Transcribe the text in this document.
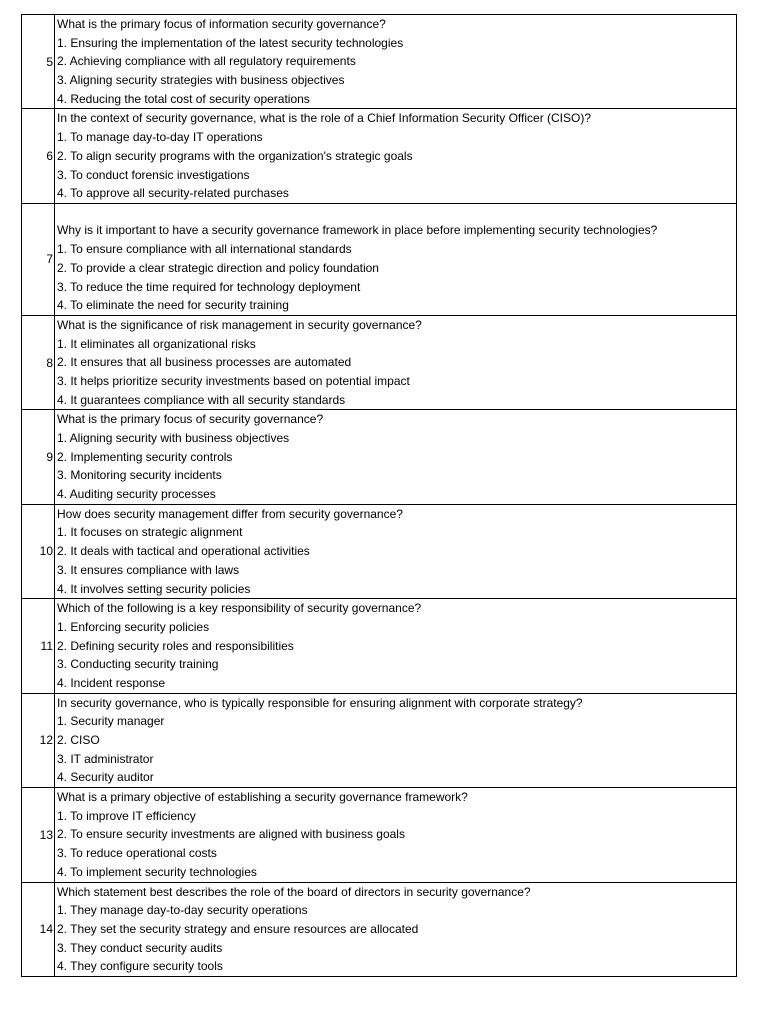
5	What is the primary focus of information security governance?
1. Ensuring the implementation of the latest security technologies
2. Achieving compliance with all regulatory requirements
3. Aligning security strategies with business objectives
4. Reducing the total cost of security operations

6	In the context of security governance, what is the role of a Chief Information Security Officer (CISO)?
1. To manage day-to-day IT operations
2. To align security programs with the organization's strategic goals
3. To conduct forensic investigations
4. To approve all security-related purchases

7	Why is it important to have a security governance framework in place before implementing security technologies?
1. To ensure compliance with all international standards
2. To provide a clear strategic direction and policy foundation
3. To reduce the time required for technology deployment
4. To eliminate the need for security training

8	What is the significance of risk management in security governance?
1. It eliminates all organizational risks
2. It ensures that all business processes are automated
3. It helps prioritize security investments based on potential impact
4. It guarantees compliance with all security standards

9	What is the primary focus of security governance?
1. Aligning security with business objectives
2. Implementing security controls
3. Monitoring security incidents
4. Auditing security processes

10	How does security management differ from security governance?
1. It focuses on strategic alignment
2. It deals with tactical and operational activities
3. It ensures compliance with laws
4. It involves setting security policies

11	Which of the following is a key responsibility of security governance?
1. Enforcing security policies
2. Defining security roles and responsibilities
3. Conducting security training
4. Incident response

12	In security governance, who is typically responsible for ensuring alignment with corporate strategy?
1. Security manager
2. CISO
3. IT administrator
4. Security auditor

13	What is a primary objective of establishing a security governance framework?
1. To improve IT efficiency
2. To ensure security investments are aligned with business goals
3. To reduce operational costs
4. To implement security technologies

14	Which statement best describes the role of the board of directors in security governance?
1. They manage day-to-day security operations
2. They set the security strategy and ensure resources are allocated
3. They conduct security audits
4. They configure security tools
